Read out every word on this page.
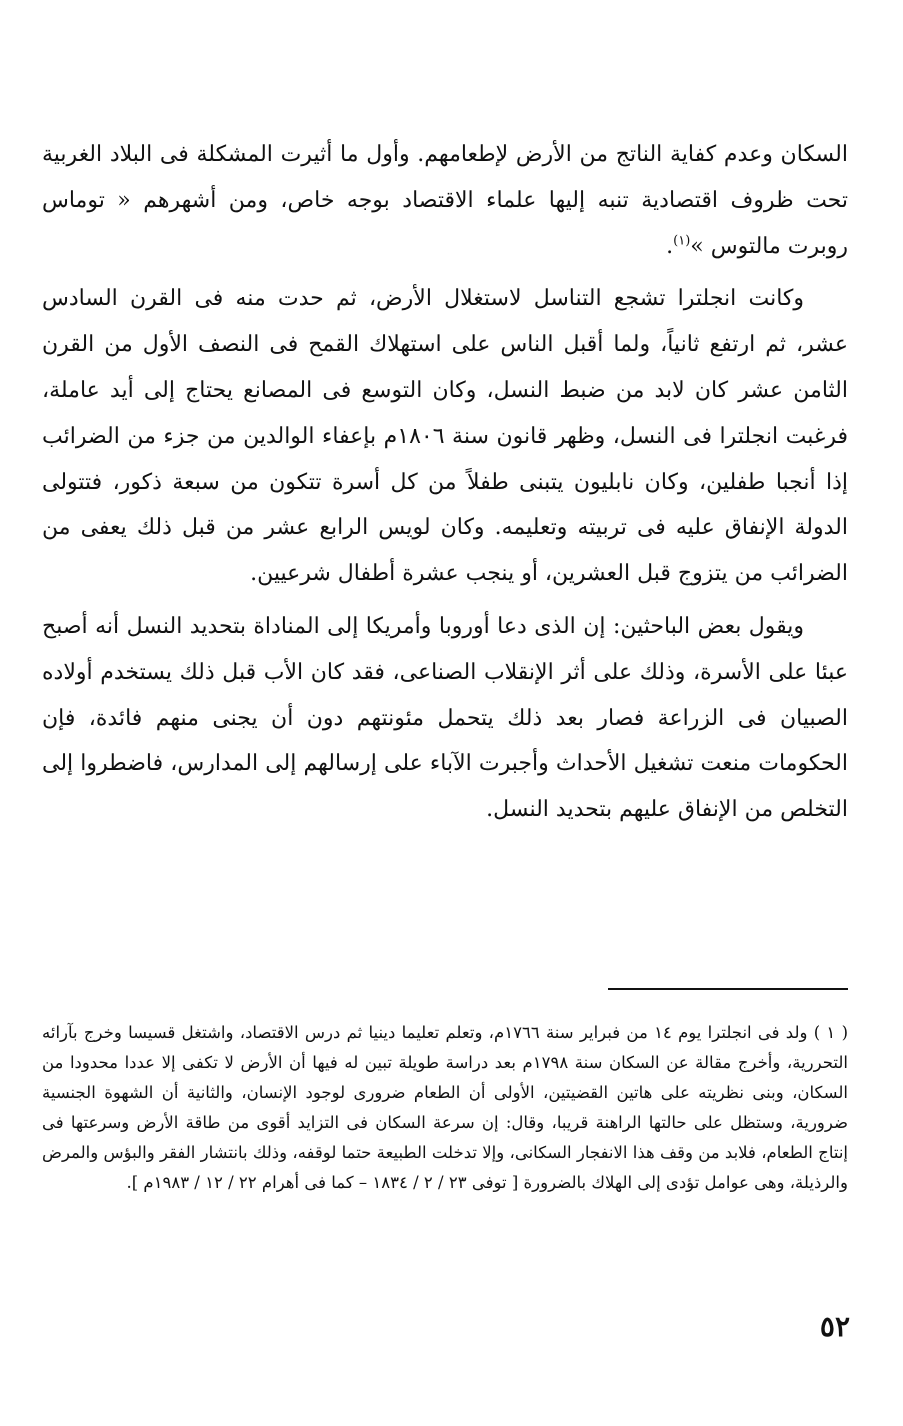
السكان وعدم كفاية الناتج من الأرض لإطعامهم. وأول ما أثيرت المشكلة فى البلاد الغربية تحت ظروف اقتصادية تنبه إليها علماء الاقتصاد بوجه خاص، ومن أشهرهم « توماس روبرت مالتوس »$^{(١)}$.

وكانت انجلترا تشجع التناسل لاستغلال الأرض، ثم حدت منه فى القرن السادس عشر، ثم ارتفع ثانياً، ولما أقبل الناس على استهلاك القمح فى النصف الأول من القرن الثامن عشر كان لابد من ضبط النسل، وكان التوسع فى المصانع يحتاج إلى أيد عاملة، فرغبت انجلترا فى النسل، وظهر قانون سنة ١٨٠٦م بإعفاء الوالدين من جزء من الضرائب إذا أنجبا طفلين، وكان نابليون يتبنى طفلاً من كل أسرة تتكون من سبعة ذكور، فتتولى الدولة الإنفاق عليه فى تربيته وتعليمه. وكان لويس الرابع عشر من قبل ذلك يعفى من الضرائب من يتزوج قبل العشرين، أو ينجب عشرة أطفال شرعيين.

ويقول بعض الباحثين: إن الذى دعا أوروبا وأمريكا إلى المناداة بتحديد النسل أنه أصبح عبئا على الأسرة، وذلك على أثر الإنقلاب الصناعى، فقد كان الأب قبل ذلك يستخدم أولاده الصبيان فى الزراعة فصار بعد ذلك يتحمل مئونتهم دون أن يجنى منهم فائدة، فإن الحكومات منعت تشغيل الأحداث وأجبرت الآباء على إرسالهم إلى المدارس، فاضطروا إلى التخلص من الإنفاق عليهم بتحديد النسل.

( ١ ) ولد فى انجلترا يوم ١٤ من فبراير سنة ١٧٦٦م، وتعلم تعليما دينيا ثم درس الاقتصاد، واشتغل قسيسا وخرج بآرائه التحررية، وأخرج مقالة عن السكان سنة ١٧٩٨م بعد دراسة طويلة تبين له فيها أن الأرض لا تكفى إلا عددا محدودا من السكان، وبنى نظريته على هاتين القضيتين، الأولى أن الطعام ضرورى لوجود الإنسان، والثانية أن الشهوة الجنسية ضرورية، وستظل على حالتها الراهنة قريبا، وقال: إن سرعة السكان فى التزايد أقوى من طاقة الأرض وسرعتها فى إنتاج الطعام، فلابد من وقف هذا الانفجار السكانى، وإلا تدخلت الطبيعة حتما لوقفه، وذلك بانتشار الفقر والبؤس والمرض والرذيلة، وهى عوامل تؤدى إلى الهلاك بالضرورة [ توفى ٢٣ / ٢ / ١٨٣٤ – كما فى أهرام ٢٢ / ١٢ / ١٩٨٣م ].

٥٢
